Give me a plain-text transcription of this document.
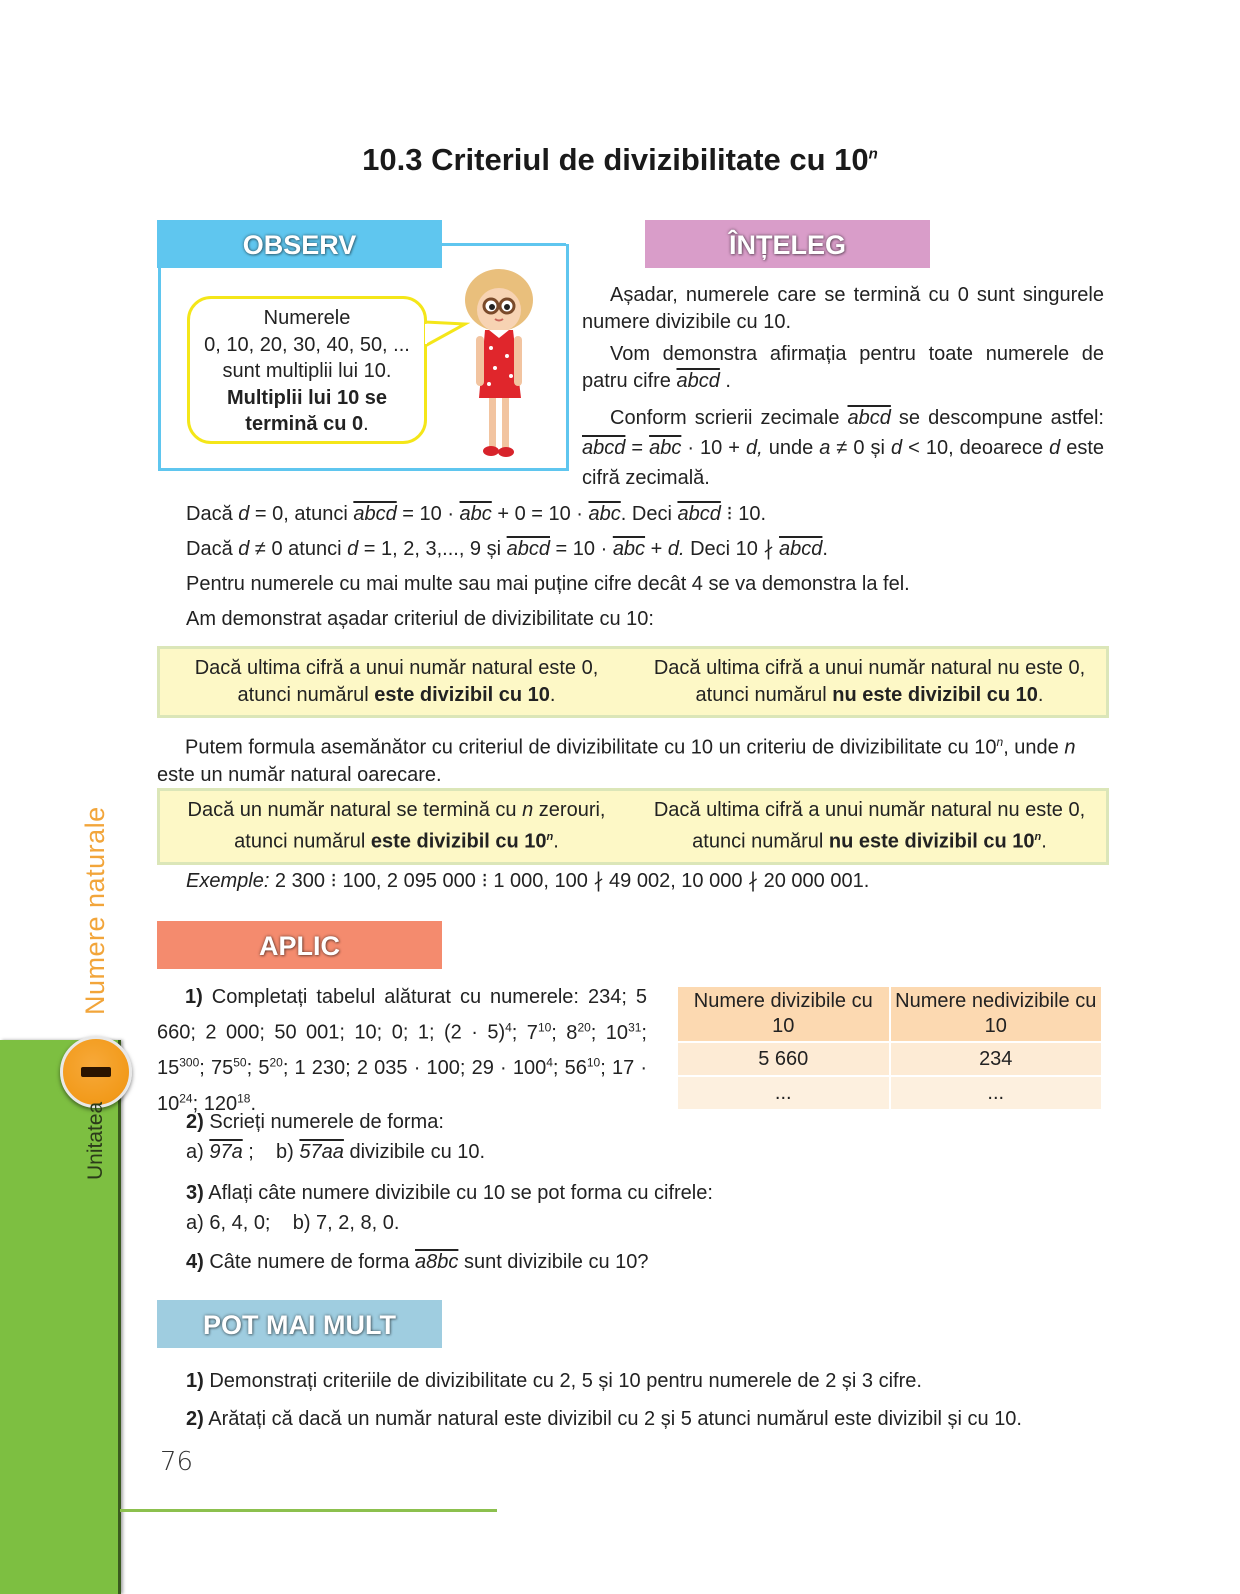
Unitatea
Numere naturale
10.3 Criteriul de divizibilitate cu 10$^n$
OBSERV
Numerele
0, 10, 20, 30, 40, 50, ...
sunt multiplii lui 10.
Multiplii lui 10 se
termină cu 0.
ÎNȚELEG
Așadar, numerele care se termină cu 0 sunt singurele numere divizibile cu 10.
Vom demonstra afirmația pentru toate numerele de patru cifre abcd .
Conform scrierii zecimale abcd se descompune astfel: abcd = $\overline{abc} \cdot 10 + d$, unde a ≠ 0 și d < 10, deoarece d este cifră zecimală.
Dacă d = 0, atunci abcd = $10 \cdot \overline{abc} + 0 = 10 \cdot \overline{abc}$. Deci abcd ⁝ 10.
Dacă d ≠ 0 atunci d = 1, 2, 3,..., 9 și abcd = $10 \cdot \overline{abc} + d$. Deci 10 ∤ abcd.
Pentru numerele cu mai multe sau mai puține cifre decât 4 se va demonstra la fel.
Am demonstrat așadar criteriul de divizibilitate cu 10:
Dacă ultima cifră a unui număr natural este 0, atunci numărul este divizibil cu 10.
Dacă ultima cifră a unui număr natural nu este 0, atunci numărul nu este divizibil cu 10.
Putem formula asemănător cu criteriul de divizibilitate cu 10 un criteriu de divizibilitate cu 10$^n$, unde n este un număr natural oarecare.
Dacă un număr natural se termină cu n zerouri, atunci numărul este divizibil cu 10$^n$.
Dacă ultima cifră a unui număr natural nu este 0, atunci numărul nu este divizibil cu 10$^n$.
Exemple: 2 300 ⁝ 100, 2 095 000 ⁝ 1 000, 100 ∤ 49 002, 10 000 ∤ 20 000 001.
APLIC
1) Completați tabelul alăturat cu numerele: 234; 5 660; 2 000; 50 001; 10; 0; 1; $(2 \cdot 5)^4$; $7^{10}$; $8^{20}$; $10^{31}$; $15^{300}$; $75^{50}$; $5^{20}$; 1 230; 2 035 · 100; $29 \cdot 100^4$; $56^{10}$; $17 \cdot 10^{24}$; $120^{18}$.
Numere divizibile cu 10	Numere nedivizibile cu 10
5 660	234
...	...
2) Scrieți numerele de forma:
a) 97a ;    b) 57aa divizibile cu 10.
3) Aflați câte numere divizibile cu 10 se pot forma cu cifrele:
a) 6, 4, 0;    b) 7, 2, 8, 0.
4) Câte numere de forma a8bc sunt divizibile cu 10?
POT MAI MULT
1) Demonstrați criteriile de divizibilitate cu 2, 5 și 10 pentru numerele de 2 și 3 cifre.
2) Arătați că dacă un număr natural este divizibil cu 2 și 5 atunci numărul este divizibil și cu 10.
76
